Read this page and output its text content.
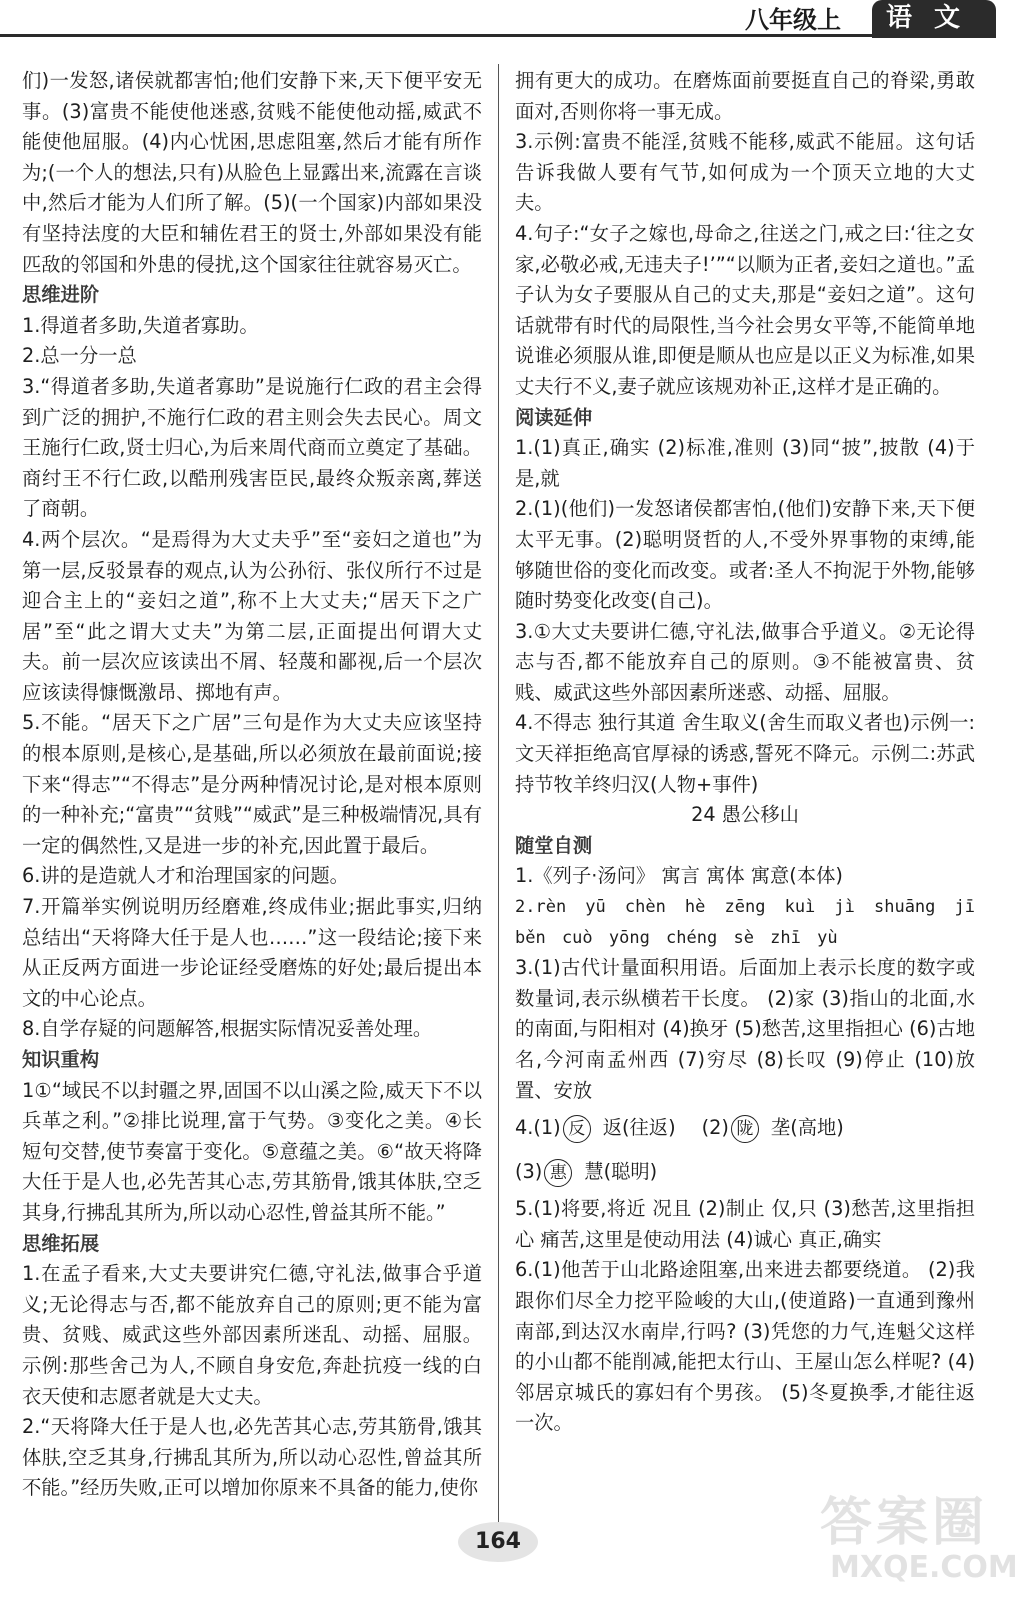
八年级上	语文

们)一发怒,诸侯就都害怕;他们安静下来,天下便平安无事。(3)富贵不能使他迷惑,贫贱不能使他动摇,威武不能使他屈服。(4)内心忧困,思虑阻塞,然后才能有所作为;(一个人的想法,只有)从脸色上显露出来,流露在言谈中,然后才能为人们所了解。(5)(一个国家)内部如果没有坚持法度的大臣和辅佐君王的贤士,外部如果没有能匹敌的邻国和外患的侵扰,这个国家往往就容易灭亡。

思维进阶

1.得道者多助,失道者寡助。

2.总一分一总

3.“得道者多助,失道者寡助”是说施行仁政的君主会得到广泛的拥护,不施行仁政的君主则会失去民心。周文王施行仁政,贤士归心,为后来周代商而立奠定了基础。商纣王不行仁政,以酷刑残害臣民,最终众叛亲离,葬送了商朝。

4.两个层次。“是焉得为大丈夫乎”至“妾妇之道也”为第一层,反驳景春的观点,认为公孙衍、张仪所行不过是迎合主上的“妾妇之道”,称不上大丈夫;“居天下之广居”至“此之谓大丈夫”为第二层,正面提出何谓大丈夫。前一层次应该读出不屑、轻蔑和鄙视,后一个层次应该读得慷慨激昂、掷地有声。

5.不能。“居天下之广居”三句是作为大丈夫应该坚持的根本原则,是核心,是基础,所以必须放在最前面说;接下来“得志”“不得志”是分两种情况讨论,是对根本原则的一种补充;“富贵”“贫贱”“威武”是三种极端情况,具有一定的偶然性,又是进一步的补充,因此置于最后。

6.讲的是造就人才和治理国家的问题。

7.开篇举实例说明历经磨难,终成伟业;据此事实,归纳总结出“天将降大任于是人也……”这一段结论;接下来从正反两方面进一步论证经受磨炼的好处;最后提出本文的中心论点。

8.自学存疑的问题解答,根据实际情况妥善处理。

知识重构

1①“域民不以封疆之界,固国不以山溪之险,威天下不以兵革之利。”②排比说理,富于气势。③变化之美。④长短句交替,使节奏富于变化。⑤意蕴之美。⑥“故天将降大任于是人也,必先苦其心志,劳其筋骨,饿其体肤,空乏其身,行拂乱其所为,所以动心忍性,曾益其所不能。”

思维拓展

1.在孟子看来,大丈夫要讲究仁德,守礼法,做事合乎道义;无论得志与否,都不能放弃自己的原则;更不能为富贵、贫贱、威武这些外部因素所迷乱、动摇、屈服。示例:那些舍己为人,不顾自身安危,奔赴抗疫一线的白衣天使和志愿者就是大丈夫。

2.“天将降大任于是人也,必先苦其心志,劳其筋骨,饿其体肤,空乏其身,行拂乱其所为,所以动心忍性,曾益其所不能。”经历失败,正可以增加你原来不具备的能力,使你

拥有更大的成功。在磨炼面前要挺直自己的脊梁,勇敢面对,否则你将一事无成。

3.示例:富贵不能淫,贫贱不能移,威武不能屈。这句话告诉我做人要有气节,如何成为一个顶天立地的大丈夫。

4.句子:“女子之嫁也,母命之,往送之门,戒之曰:‘往之女家,必敬必戒,无违夫子!’”“以顺为正者,妾妇之道也。”孟子认为女子要服从自己的丈夫,那是“妾妇之道”。这句话就带有时代的局限性,当今社会男女平等,不能简单地说谁必须服从谁,即便是顺从也应是以正义为标准,如果丈夫行不义,妻子就应该规劝补正,这样才是正确的。

阅读延伸

1.(1)真正,确实 (2)标准,准则 (3)同“披”,披散 (4)于是,就

2.(1)(他们)一发怒诸侯都害怕,(他们)安静下来,天下便太平无事。(2)聪明贤哲的人,不受外界事物的束缚,能够随世俗的变化而改变。或者:圣人不拘泥于外物,能够随时势变化改变(自己)。

3.①大丈夫要讲仁德,守礼法,做事合乎道义。②无论得志与否,都不能放弃自己的原则。③不能被富贵、贫贱、威武这些外部因素所迷惑、动摇、屈服。

4.不得志 独行其道 舍生取义(舍生而取义者也)示例一:文天祥拒绝高官厚禄的诱惑,誓死不降元。示例二:苏武持节牧羊终归汉(人物+事件)

24 愚公移山

随堂自测

1.《列子·汤问》 寓言 寓体 寓意(本体)

2.rèn yū chèn hè zēng kuì jì shuāng jī běn cuò yōng chéng sè zhī yù

3.(1)古代计量面积用语。后面加上表示长度的数字或数量词,表示纵横若干长度。 (2)家 (3)指山的北面,水的南面,与阳相对 (4)换牙 (5)愁苦,这里指担心 (6)古地名,今河南孟州西 (7)穷尽 (8)长叹 (9)停止 (10)放置、安放

4.(1) 反 返(往返) (2) 陇 垄(高地)
(3) 惠 慧(聪明)

5.(1)将要,将近 况且 (2)制止 仅,只 (3)愁苦,这里指担心 痛苦,这里是使动用法 (4)诚心 真正,确实

6.(1)他苦于山北路途阻塞,出来进去都要绕道。 (2)我跟你们尽全力挖平险峻的大山,(使道路)一直通到豫州南部,到达汉水南岸,行吗? (3)凭您的力气,连魁父这样的小山都不能削减,能把太行山、王屋山怎么样呢? (4)邻居京城氏的寡妇有个男孩。 (5)冬夏换季,才能往返一次。

164	答案圈
MXQE.COM
